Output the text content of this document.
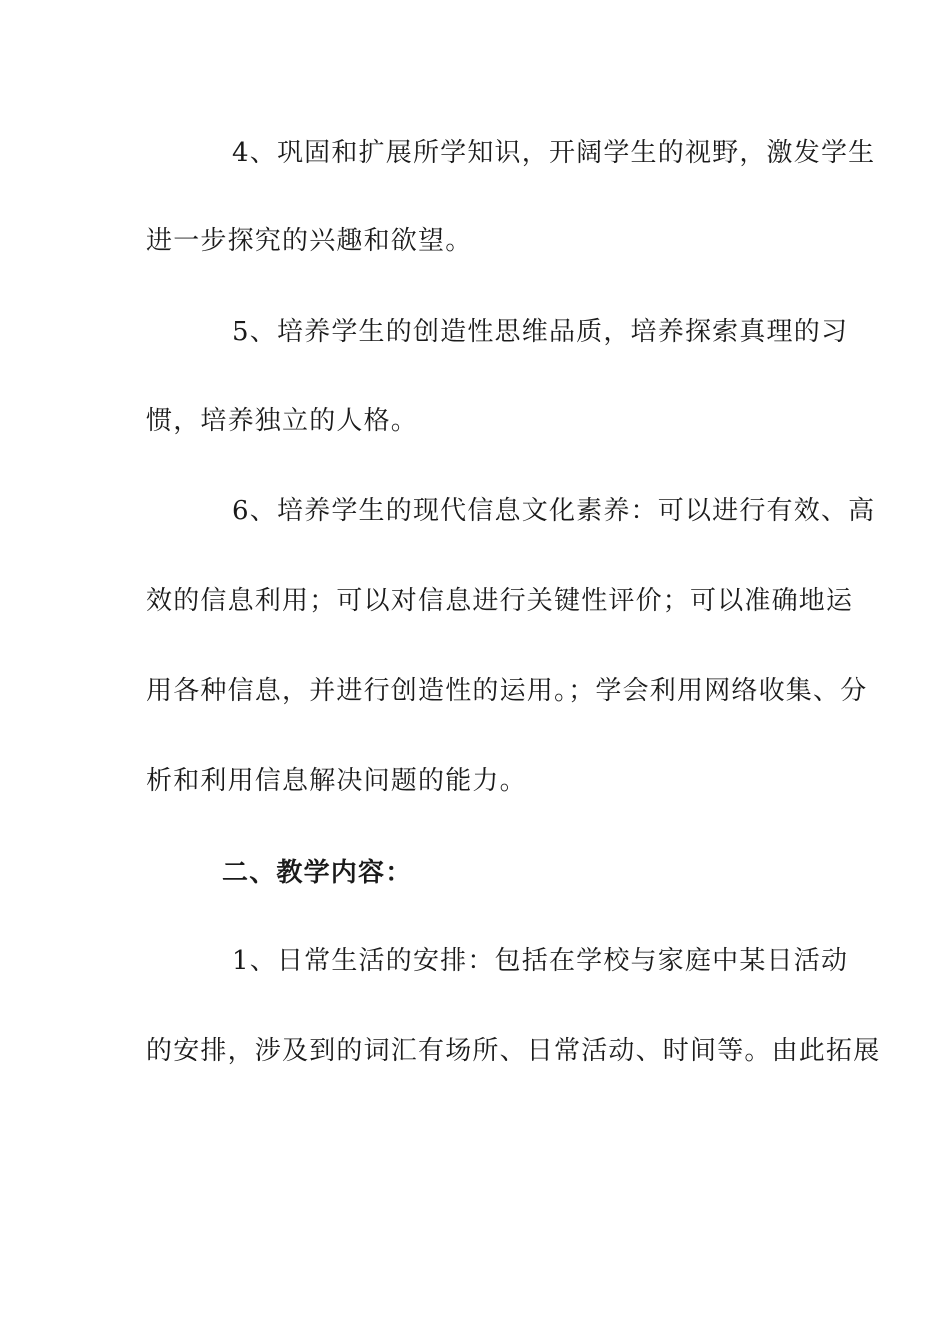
4、巩固和扩展所学知识，开阔学生的视野，激发学生
进一步探究的兴趣和欲望。
5、培养学生的创造性思维品质，培养探索真理的习
惯，培养独立的人格。
6、培养学生的现代信息文化素养：可以进行有效、高
效的信息利用；可以对信息进行关键性评价；可以准确地运
用各种信息，并进行创造性的运用。；学会利用网络收集、分
析和利用信息解决问题的能力。
二、教学内容：
1、日常生活的安排：包括在学校与家庭中某日活动
的安排，涉及到的词汇有场所、日常活动、时间等。由此拓展
